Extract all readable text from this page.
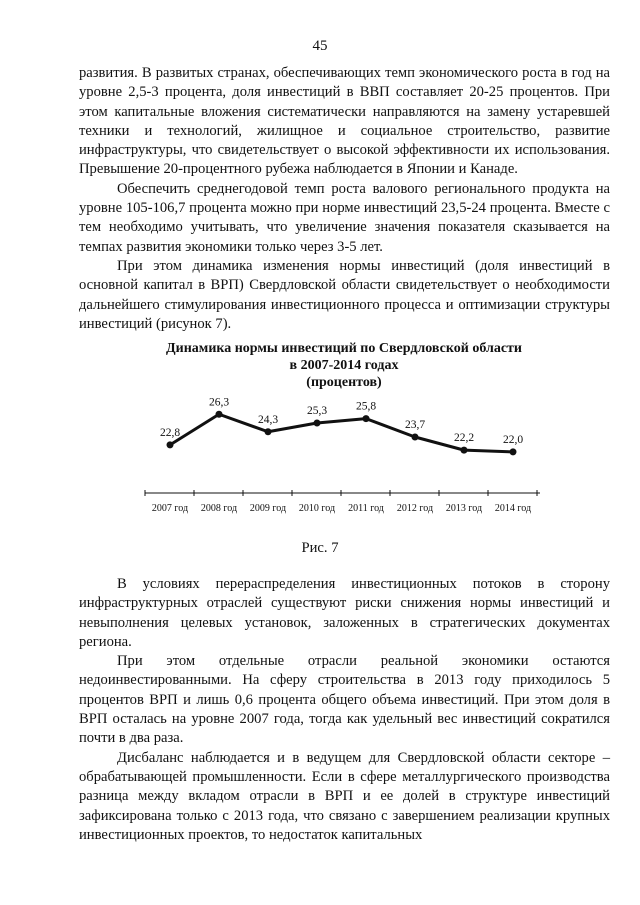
45

развития. В развитых странах, обеспечивающих темп экономического роста в год на уровне 2,5-3 процента, доля инвестиций в ВВП составляет 20-25 процентов. При этом капитальные вложения систематически направляются на замену устаревшей техники и технологий, жилищное и социальное строительство, развитие инфраструктуры, что свидетельствует о высокой эффективности их использования. Превышение 20-процентного рубежа наблюдается в Японии и Канаде.

Обеспечить среднегодовой темп роста валового регионального продукта на уровне 105-106,7 процента можно при норме инвестиций 23,5-24 процента. Вместе с тем необходимо учитывать, что увеличение значения показателя сказывается на темпах развития экономики только через 3-5 лет.

При этом динамика изменения нормы инвестиций (доля инвестиций в основной капитал в ВРП) Свердловской области свидетельствует о необходимости дальнейшего стимулирования инвестиционного процесса и оптимизации структуры инвестиций (рисунок 7).

Динамика нормы инвестиций по Свердловской области
в 2007-2014 годах
(процентов)
22,8
26,3
24,3
25,3	25,8
23,7
22,2	22,0
2007 год 2008 год 2009 год 2010 год 2011 год 2012 год 2013 год 2014 год
Рис. 7

В условиях перераспределения инвестиционных потоков в сторону инфраструктурных отраслей существуют риски снижения нормы инвестиций и невыполнения целевых установок, заложенных в стратегических документах региона.

При этом отдельные отрасли реальной экономики остаются недоинвестированными. На сферу строительства в 2013 году приходилось 5 процентов ВРП и лишь 0,6 процента общего объема инвестиций. При этом доля в ВРП осталась на уровне 2007 года, тогда как удельный вес инвестиций сократился почти в два раза.

Дисбаланс наблюдается и в ведущем для Свердловской области секторе – обрабатывающей промышленности. Если в сфере металлургического производства разница между вкладом отрасли в ВРП и ее долей в структуре инвестиций зафиксирована только с 2013 года, что связано с завершением реализации крупных инвестиционных проектов, то недостаток капитальных
